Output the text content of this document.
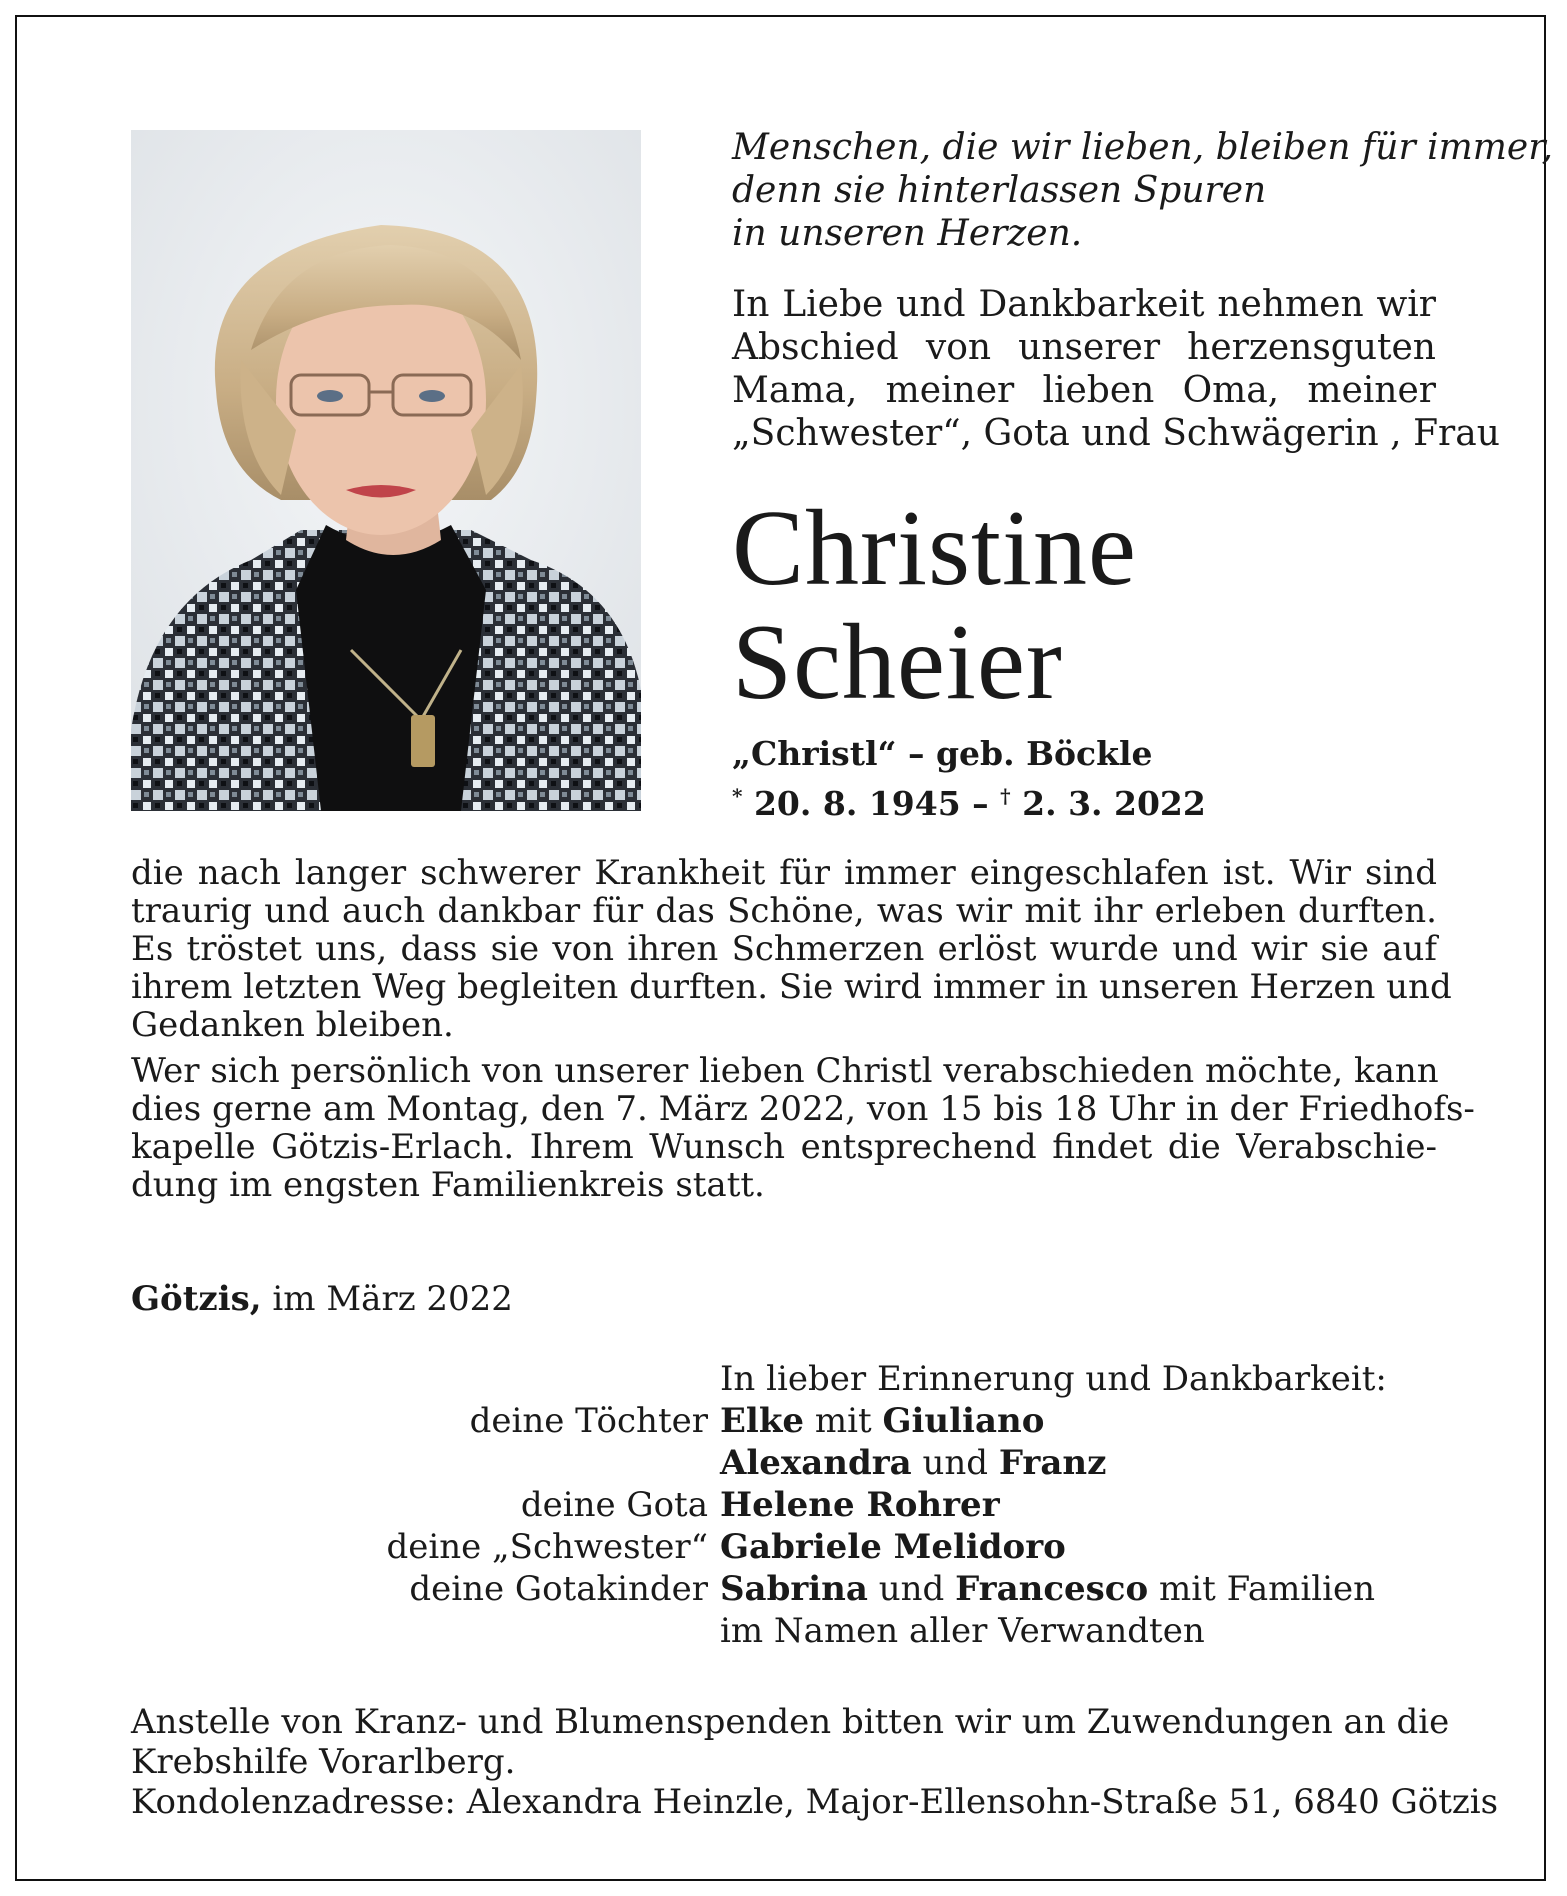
Menschen, die wir lieben, bleiben für immer,
denn sie hinterlassen Spuren
in unseren Herzen.
In Liebe und Dankbarkeit nehmen wir
Abschied von unserer herzensguten
Mama, meiner lieben Oma, meiner
„Schwester“, Gota und Schwägerin , Frau
Christine
Scheier
„Christl“ – geb. Böckle
* 20. 8. 1945 – † 2. 3. 2022
die nach langer schwerer Krankheit für immer eingeschlafen ist. Wir sind
traurig und auch dankbar für das Schöne, was wir mit ihr erleben durften.
Es tröstet uns, dass sie von ihren Schmerzen erlöst wurde und wir sie auf
ihrem letzten Weg begleiten durften. Sie wird immer in unseren Herzen und
Gedanken bleiben.
Wer sich persönlich von unserer lieben Christl verabschieden möchte, kann
dies gerne am Montag, den 7. März 2022, von 15 bis 18 Uhr in der Friedhofs-
kapelle Götzis-Erlach. Ihrem Wunsch entsprechend findet die Verabschie-
dung im engsten Familienkreis statt.
Götzis, im März 2022
In lieber Erinnerung und Dankbarkeit:
deine Töchter Elke mit Giuliano
Alexandra und Franz
deine Gota Helene Rohrer
deine „Schwester“ Gabriele Melidoro
deine Gotakinder Sabrina und Francesco mit Familien
im Namen aller Verwandten
Anstelle von Kranz- und Blumenspenden bitten wir um Zuwendungen an die
Krebshilfe Vorarlberg.
Kondolenzadresse: Alexandra Heinzle, Major-Ellensohn-Straße 51, 6840 Götzis
